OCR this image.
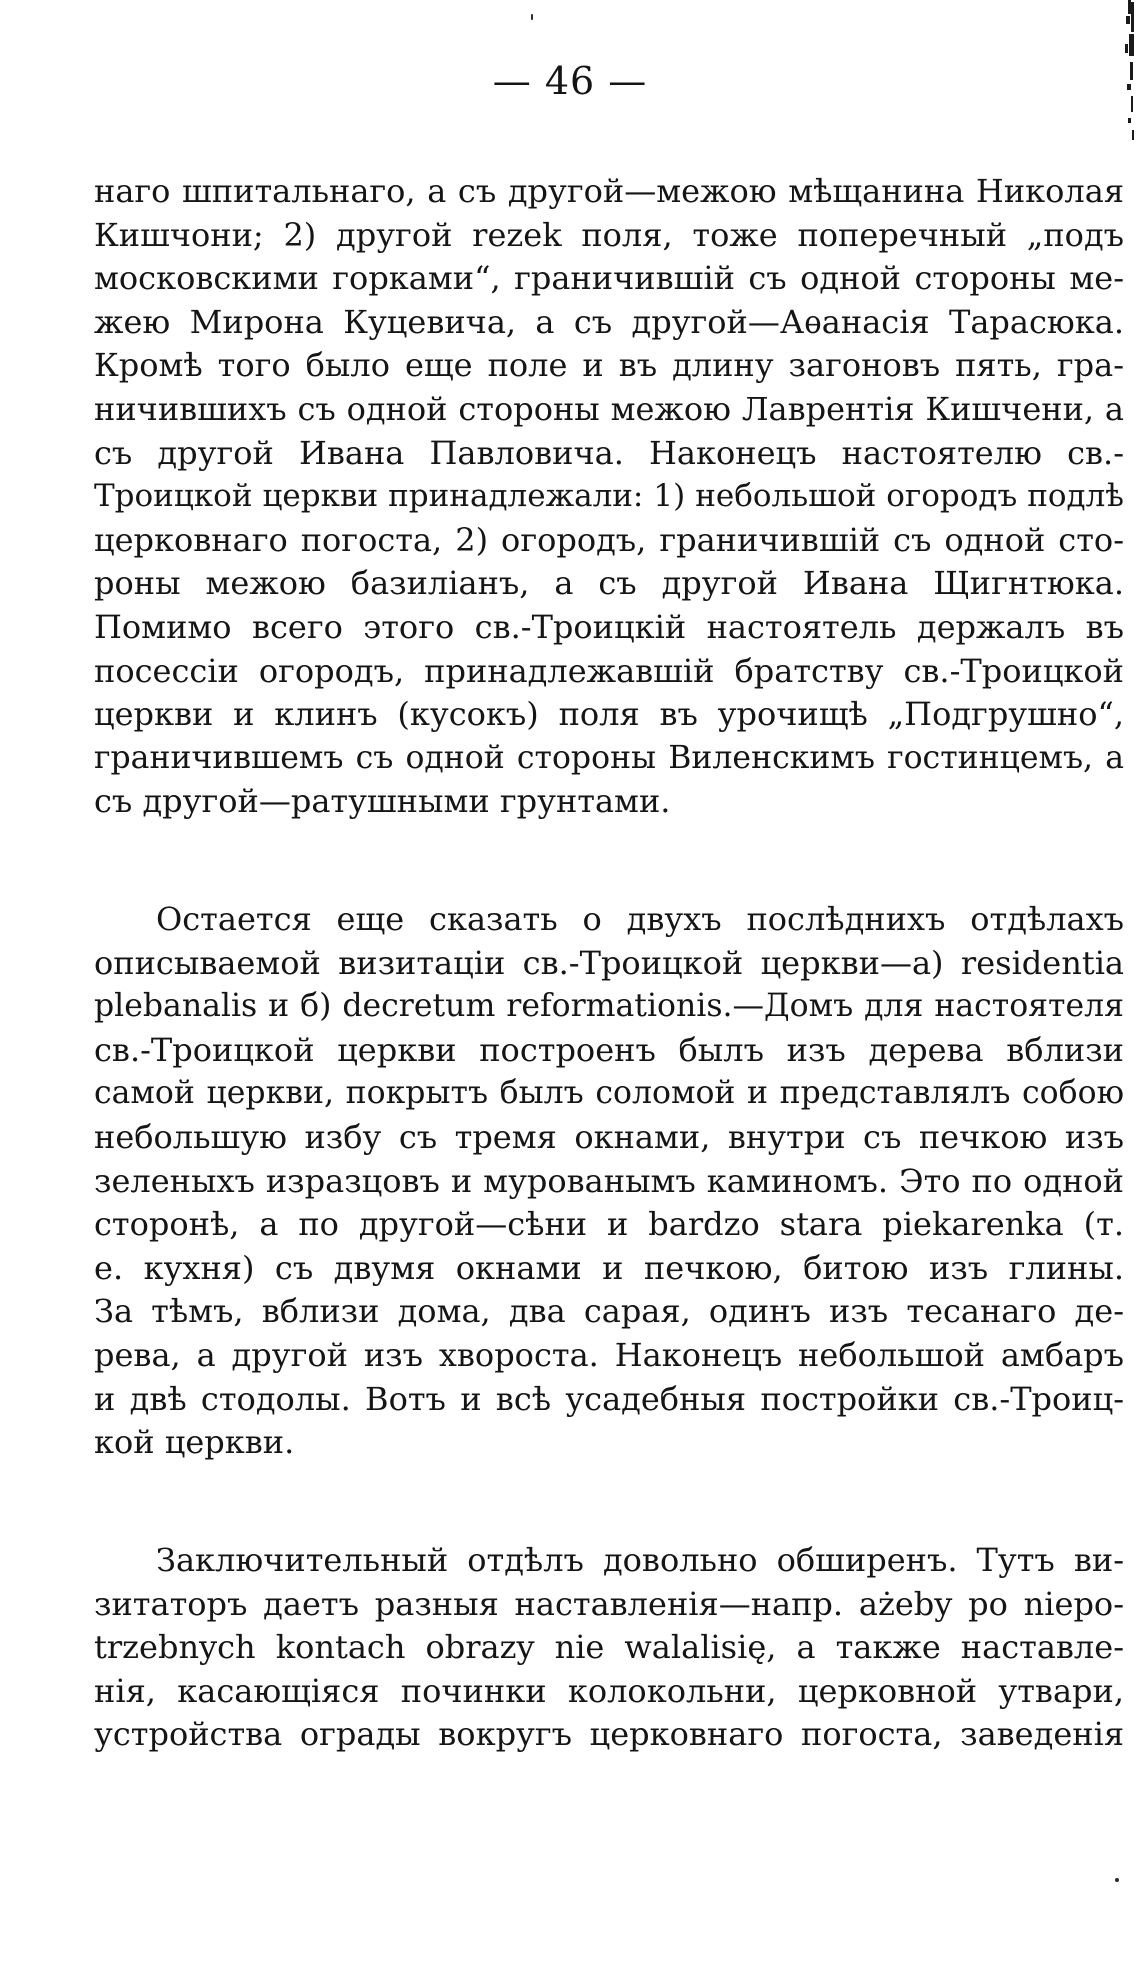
— 46 —
наго шпитальнаго, а съ другой—межою мѣщанина Николая
Кишчони; 2) другой rezek поля, тоже поперечный „подъ
московскими горками“, граничившій съ одной стороны ме-
жею Мирона Куцевича, а съ другой—Аѳанасія Тарасюка.
Кромѣ того было еще поле и въ длину загоновъ пять, гра-
ничившихъ съ одной стороны межою Лаврентія Кишчени, а
съ другой Ивана Павловича. Наконецъ настоятелю св.-
Троицкой церкви принадлежали: 1) небольшой огородъ подлѣ
церковнаго погоста, 2) огородъ, граничившій съ одной сто-
роны межою базиліанъ, а съ другой Ивана Щигнтюка.
Помимо всего этого св.-Троицкій настоятель держалъ въ
посессіи огородъ, принадлежавшій братству св.-Троицкой
церкви и клинъ (кусокъ) поля въ урочищѣ „Подгрушно“,
граничившемъ съ одной стороны Виленскимъ гостинцемъ, а
съ другой—ратушными грунтами.
Остается еще сказать о двухъ послѣднихъ отдѣлахъ
описываемой визитаціи св.-Троицкой церкви—а) residentia
plebanalis и б) decretum reformationis.—Домъ для настоятеля
св.-Троицкой церкви построенъ былъ изъ дерева вблизи
самой церкви, покрытъ былъ соломой и представлялъ собою
небольшую избу съ тремя окнами, внутри съ печкою изъ
зеленыхъ изразцовъ и мурованымъ каминомъ. Это по одной
сторонѣ, а по другой—сѣни и bardzo stara piekarenka (т.
е. кухня) съ двумя окнами и печкою, битою изъ глины.
За тѣмъ, вблизи дома, два сарая, одинъ изъ тесанаго де-
рева, а другой изъ хвороста. Наконецъ небольшой амбаръ
и двѣ стодолы. Вотъ и всѣ усадебныя постройки св.-Троиц-
кой церкви.
Заключительный отдѣлъ довольно обширенъ. Тутъ ви-
зитаторъ даетъ разныя наставленія—напр. ażeby po niepo-
trzebnych kontach obrazy nie walalisię, а также наставле-
нія, касающіяся починки колокольни, церковной утвари,
устройства ограды вокругъ церковнаго погоста, заведенія
